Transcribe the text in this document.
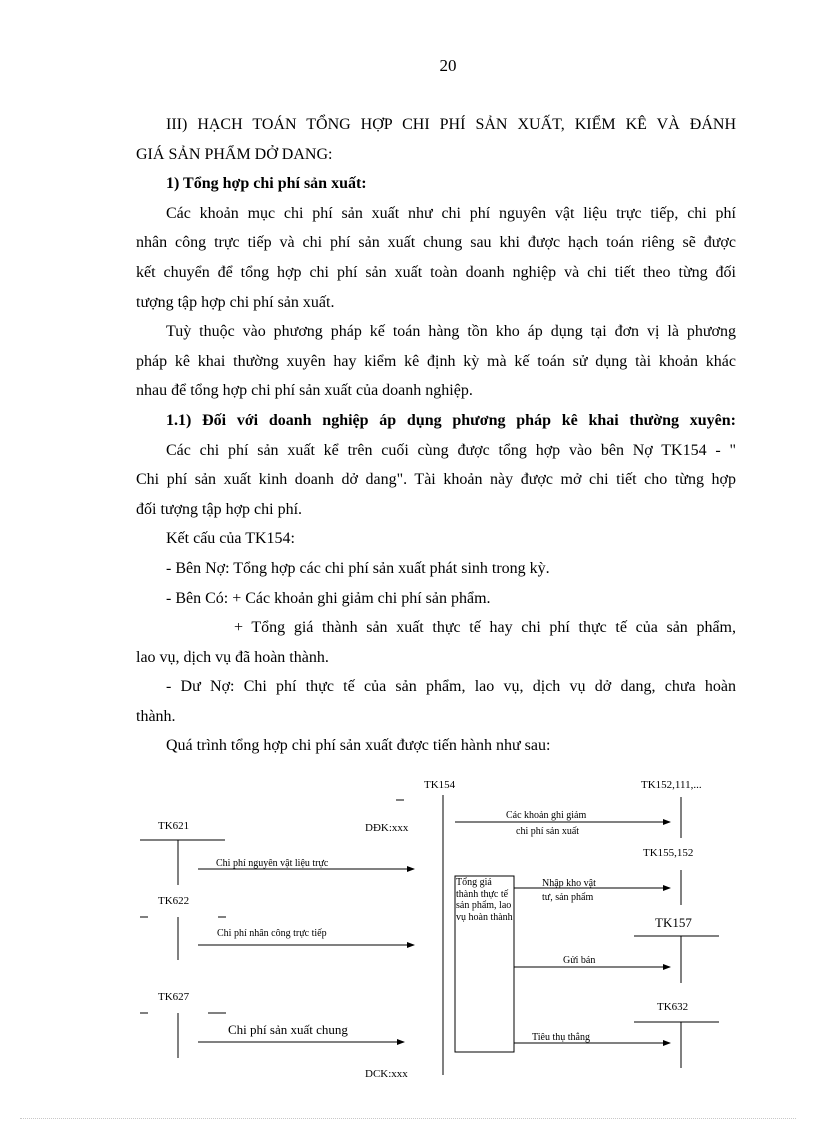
20
III) HẠCH TOÁN TỔNG HỢP CHI PHÍ SẢN XUẤT, KIỂM KÊ VÀ ĐÁNH
GIÁ SẢN PHẨM DỞ DANG:
1) Tổng hợp chi phí sản xuất:
Các khoản mục chi phí sản xuất như chi phí nguyên vật liệu trực tiếp, chi phí
nhân công trực tiếp và chi phí sản xuất chung sau khi được hạch toán riêng sẽ được
kết chuyển để tổng hợp chi phí sản xuất toàn doanh nghiệp và chi tiết theo từng đối
tượng tập hợp chi phí sản xuất.
Tuỳ thuộc vào phương pháp kế toán hàng tồn kho áp dụng tại đơn vị là phương
pháp kê khai thường xuyên hay kiểm kê định kỳ mà kế toán sử dụng tài khoản khác
nhau để tổng hợp chi phí sản xuất của doanh nghiệp.
1.1) Đối với doanh nghiệp áp dụng phương pháp kê khai thường xuyên:
Các chi phí sản xuất kể trên cuối cùng được tổng hợp vào bên Nợ TK154 - "
Chi phí sản xuất kinh doanh dở dang". Tài khoản này được mở chi tiết cho từng hợp
đối tượng tập hợp chi phí.
Kết cấu của TK154:
- Bên Nợ: Tổng hợp các chi phí sản xuất phát sinh trong kỳ.
- Bên Có: + Các khoản ghi giảm chi phí sản phẩm.
+ Tổng giá thành sản xuất thực tế hay chi phí thực tế của sản phẩm,
lao vụ, dịch vụ đã hoàn thành.
- Dư Nợ: Chi phí thực tế của sản phẩm, lao vụ, dịch vụ dở dang, chưa hoàn
thành.
Quá trình tổng hợp chi phí sản xuất được tiến hành như sau:
TK154	TK152,111,...
TK621	DĐK:xxx
Các khoản ghi giảm
chi phí sản xuất
Chi phí nguyên vật liệu trực
TK155,152
TK622
Nhập kho vật
tư, sản phẩm
TK157
Chi phí nhân công trực tiếp
Tổng giá thành thực tế sản phẩm, lao vụ hoàn thành
Gửi bán
TK627
TK632
Chi phí sản xuất chung
Tiêu thụ thẳng
DCK:xxx
